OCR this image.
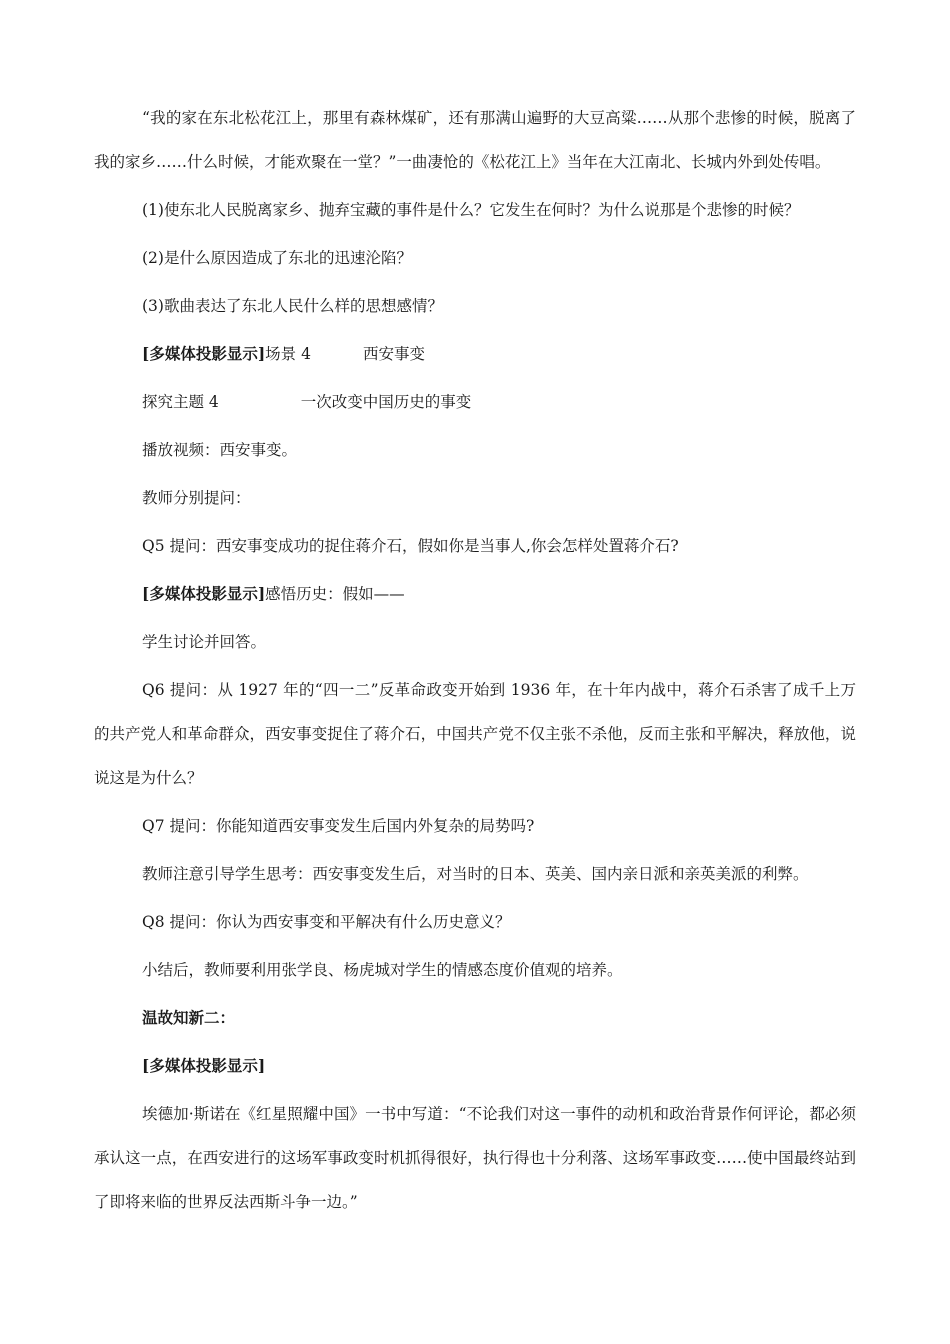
“我的家在东北松花江上，那里有森林煤矿，还有那满山遍野的大豆高粱……从那个悲惨的时候，脱离了我的家乡……什么时候，才能欢聚在一堂？”一曲凄怆的《松花江上》当年在大江南北、长城内外到处传唱。

(1)使东北人民脱离家乡、抛弃宝藏的事件是什么？它发生在何时？为什么说那是个悲惨的时候？

(2)是什么原因造成了东北的迅速沦陷？

(3)歌曲表达了东北人民什么样的思想感情？

[多媒体投影显示]场景 4	西安事变

探究主题 4	一次改变中国历史的事变

播放视频：西安事变。

教师分别提问：

Q5 提问：西安事变成功的捉住蒋介石，假如你是当事人,你会怎样处置蒋介石?

[多媒体投影显示]感悟历史：假如——

学生讨论并回答。

Q6 提问：从 1927 年的“四一二”反革命政变开始到 1936 年，在十年内战中，蒋介石杀害了成千上万的共产党人和革命群众，西安事变捉住了蒋介石，中国共产党不仅主张不杀他，反而主张和平解决，释放他，说说这是为什么？

Q7 提问：你能知道西安事变发生后国内外复杂的局势吗?

教师注意引导学生思考：西安事变发生后，对当时的日本、英美、国内亲日派和亲英美派的利弊。

Q8 提问：你认为西安事变和平解决有什么历史意义？

小结后，教师要利用张学良、杨虎城对学生的情感态度价值观的培养。

温故知新二：

[多媒体投影显示]

埃德加·斯诺在《红星照耀中国》一书中写道：“不论我们对这一事件的动机和政治背景作何评论，都必须承认这一点，在西安进行的这场军事政变时机抓得很好，执行得也十分利落、这场军事政变……使中国最终站到了即将来临的世界反法西斯斗争一边。”
